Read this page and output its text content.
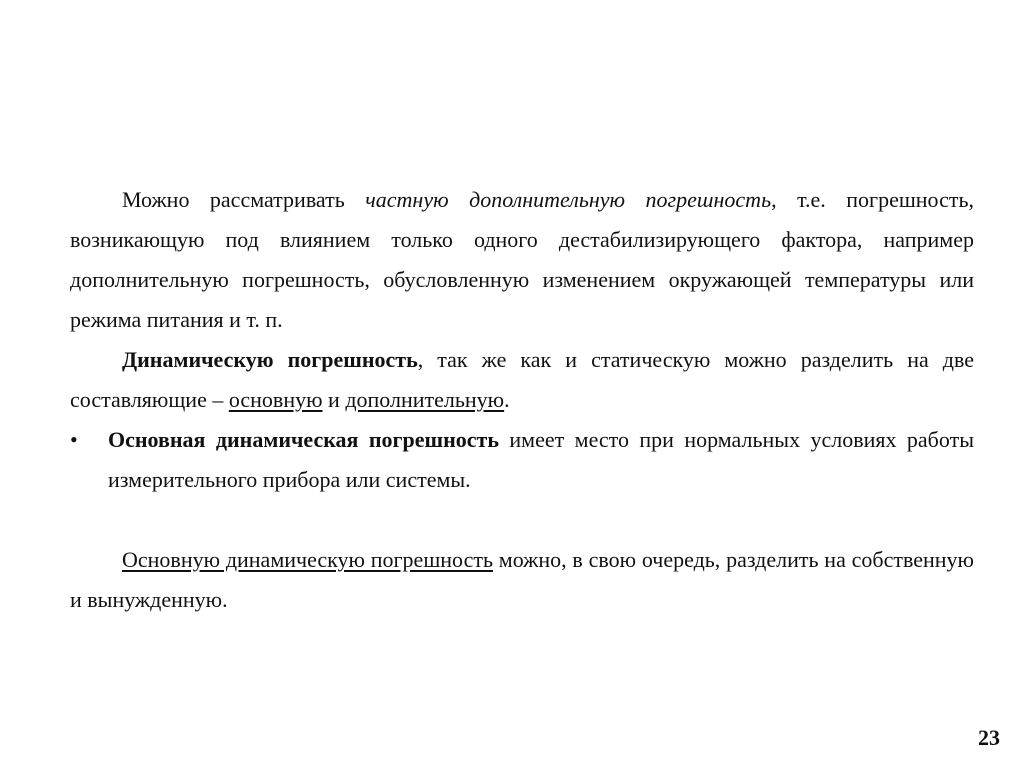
Можно рассматривать частную дополнительную погрешность, т.е. погрешность, возникающую под влиянием только одного дестабилизирующего фактора, например дополнительную погрешность, обусловленную изменением окружающей температуры или режима питания и т. п.

Динамическую погрешность, так же как и статическую можно разделить на две составляющие – основную и дополнительную.

•	Основная динамическая погрешность имеет место при нормальных условиях работы измерительного прибора или системы.

Основную динамическую погрешность можно, в свою очередь, разделить на собственную и вынужденную.

23
